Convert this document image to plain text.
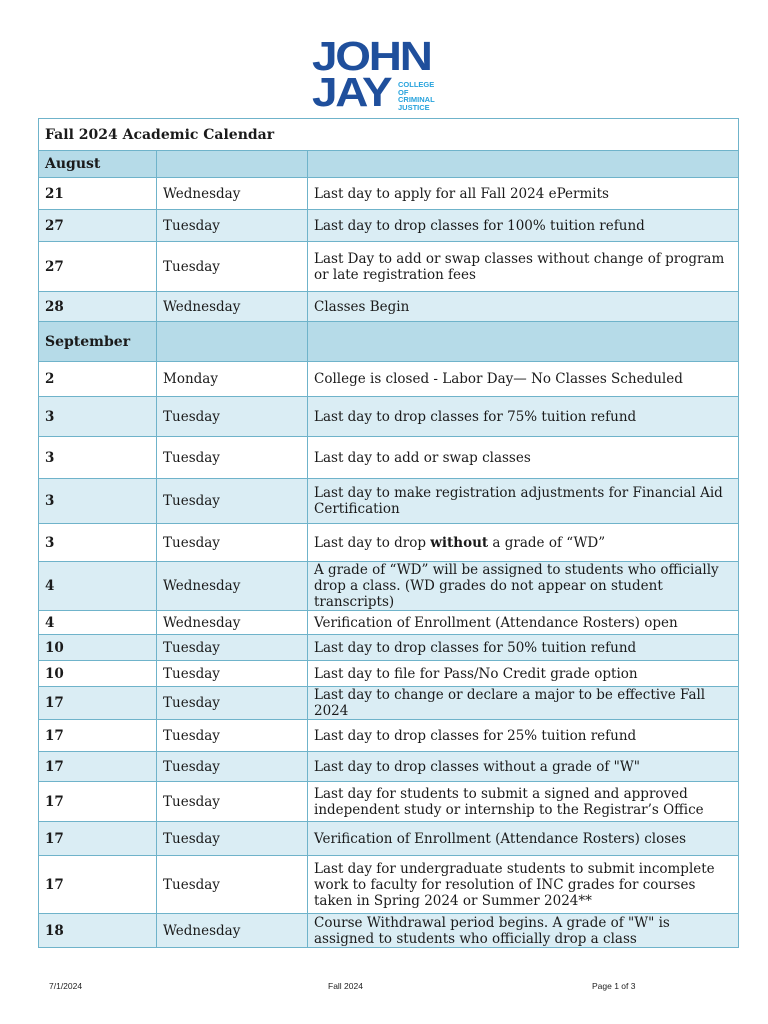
JOHN
JAY COLLEGE
OF
CRIMINAL
JUSTICE
Fall 2024 Academic Calendar		
August		
21	Wednesday	Last day to apply for all Fall 2024 ePermits
27	Tuesday	Last day to drop classes for 100% tuition refund
27	Tuesday	Last Day to add or swap classes without change of program or late registration fees
28	Wednesday	Classes Begin
September		
2	Monday	College is closed - Labor Day— No Classes Scheduled
3	Tuesday	Last day to drop classes for 75% tuition refund
3	Tuesday	Last day to add or swap classes
3	Tuesday	Last day to make registration adjustments for Financial Aid Certification
3	Tuesday	Last day to drop without a grade of “WD”
4	Wednesday	A grade of “WD” will be assigned to students who officially drop a class. (WD grades do not appear on student transcripts)
4	Wednesday	Verification of Enrollment (Attendance Rosters) open
10	Tuesday	Last day to drop classes for 50% tuition refund
10	Tuesday	Last day to file for Pass/No Credit grade option
17	Tuesday	Last day to change or declare a major to be effective Fall 2024
17	Tuesday	Last day to drop classes for 25% tuition refund
17	Tuesday	Last day to drop classes without a grade of "W"
17	Tuesday	Last day for students to submit a signed and approved independent study or internship to the Registrar’s Office
17	Tuesday	Verification of Enrollment (Attendance Rosters) closes
17	Tuesday	Last day for undergraduate students to submit incomplete work to faculty for resolution of INC grades for courses taken in Spring 2024 or Summer 2024**
18	Wednesday	Course Withdrawal period begins. A grade of "W" is assigned to students who officially drop a class
7/1/2024	Fall 2024	Page 1 of 3
